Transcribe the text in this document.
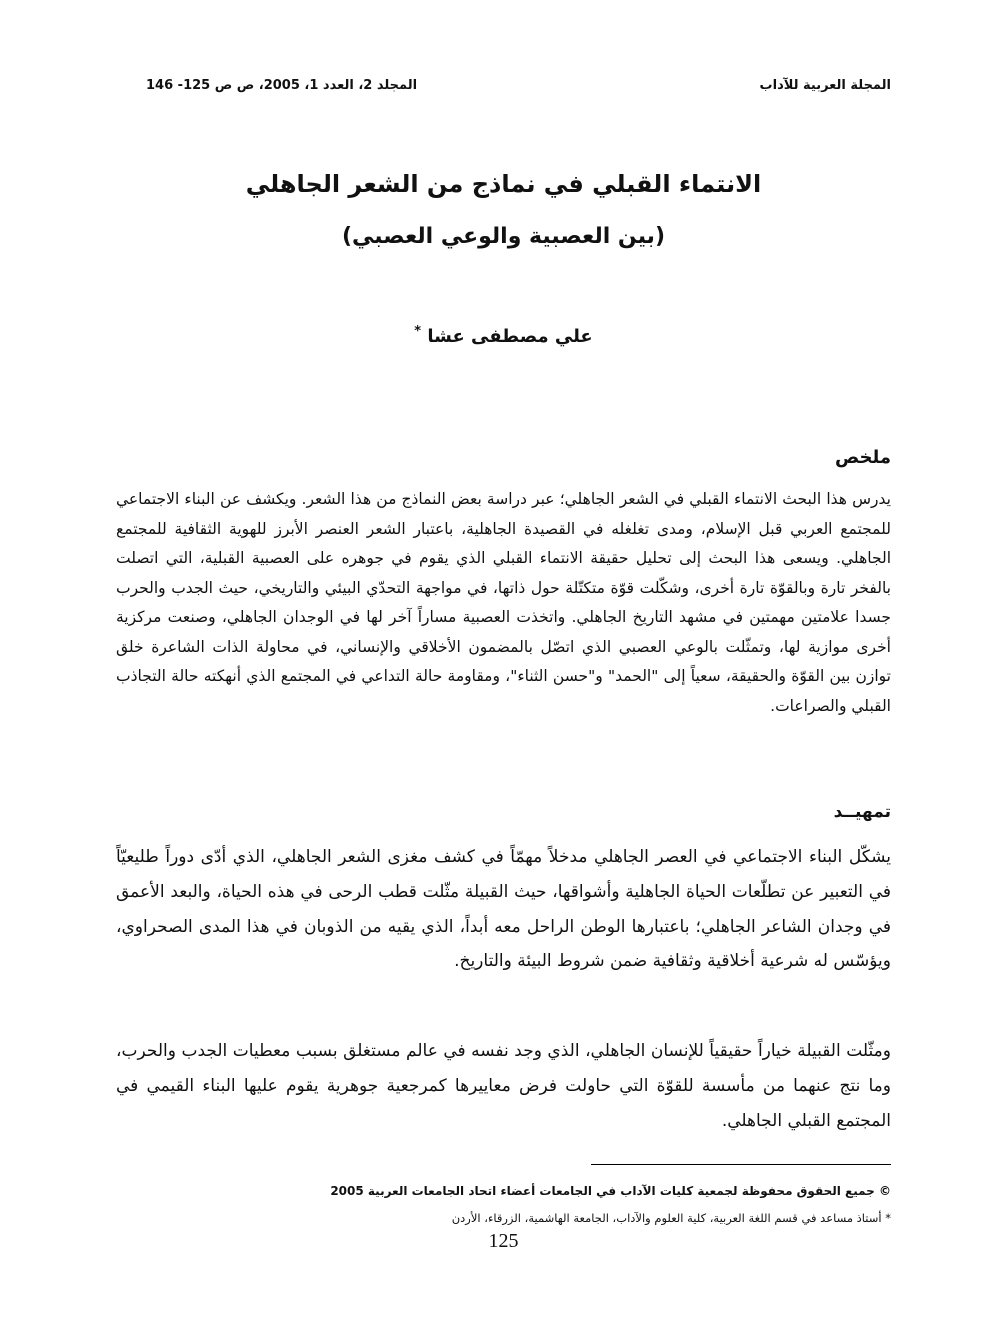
المجلة العربية للآداب
المجلد 2، العدد 1، 2005، ص ص 125- 146
الانتماء القبلي في نماذج من الشعر الجاهلي
(بين العصبية والوعي العصبي)
علي مصطفى عشا *
ملخص

يدرس هذا البحث الانتماء القبلي في الشعر الجاهلي؛ عبر دراسة بعض النماذج من هذا الشعر. ويكشف عن البناء الاجتماعي للمجتمع العربي قبل الإسلام، ومدى تغلغله في القصيدة الجاهلية، باعتبار الشعر العنصر الأبرز للهوية الثقافية للمجتمع الجاهلي. ويسعى هذا البحث إلى تحليل حقيقة الانتماء القبلي الذي يقوم في جوهره على العصبية القبلية، التي اتصلت بالفخر تارة وبالقوّة تارة أخرى، وشكّلت قوّة متكتّلة حول ذاتها، في مواجهة التحدّي البيئي والتاريخي، حيث الجدب والحرب جسدا علامتين مهمتين في مشهد التاريخ الجاهلي. واتخذت العصبية مساراً آخر لها في الوجدان الجاهلي، وصنعت مركزية أخرى موازية لها، وتمثّلت بالوعي العصبي الذي اتصّل بالمضمون الأخلاقي والإنساني، في محاولة الذات الشاعرة خلق توازن بين القوّة والحقيقة، سعياً إلى "الحمد" و"حسن الثناء"، ومقاومة حالة التداعي في المجتمع الذي أنهكته حالة التجاذب القبلي والصراعات.

تمهيــد

يشكّل البناء الاجتماعي في العصر الجاهلي مدخلاً مهمّاً في كشف مغزى الشعر الجاهلي، الذي أدّى دوراً طليعيّاً في التعبير عن تطلّعات الحياة الجاهلية وأشواقها، حيث القبيلة مثّلت قطب الرحى في هذه الحياة، والبعد الأعمق في وجدان الشاعر الجاهلي؛ باعتبارها الوطن الراحل معه أبداً، الذي يقيه من الذوبان في هذا المدى الصحراوي، ويؤسّس له شرعية أخلاقية وثقافية ضمن شروط البيئة والتاريخ.

ومثّلت القبيلة خياراً حقيقياً للإنسان الجاهلي، الذي وجد نفسه في عالم مستغلق بسبب معطيات الجدب والحرب، وما نتج عنهما من مأسسة للقوّة التي حاولت فرض معاييرها كمرجعية جوهرية يقوم عليها البناء القيمي في المجتمع القبلي الجاهلي.

© جميع الحقوق محفوظة لجمعية كليات الآداب في الجامعات أعضاء اتحاد الجامعات العربية 2005
* أستاذ مساعد في قسم اللغة العربية، كلية العلوم والآداب، الجامعة الهاشمية، الزرقاء، الأردن
125
